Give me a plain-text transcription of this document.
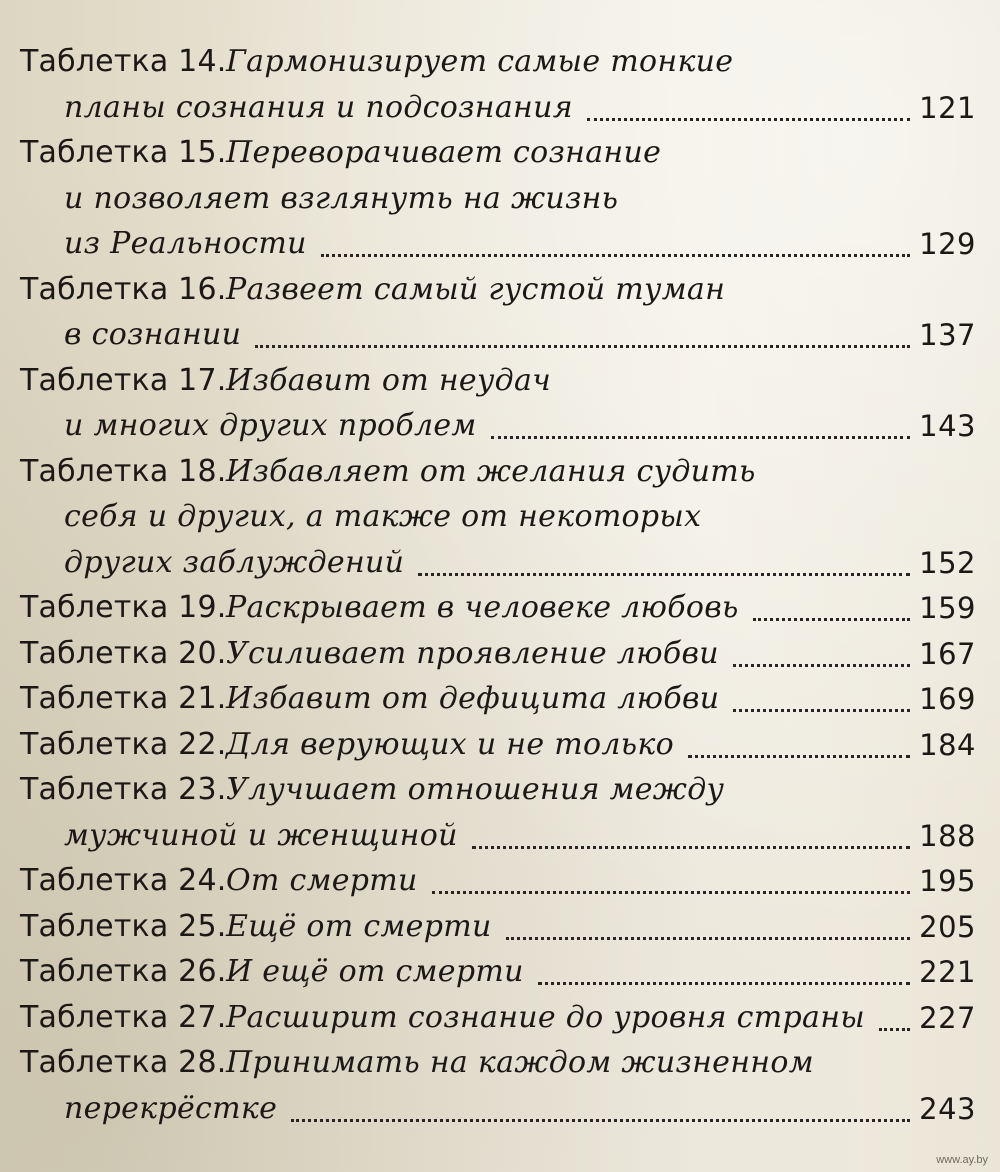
Таблетка 14. Гармонизирует самые тонкие
планы сознания и подсознания	121
Таблетка 15. Переворачивает сознание
и позволяет взглянуть на жизнь
из Реальности	129
Таблетка 16. Развеет самый густой туман
в сознании	137
Таблетка 17. Избавит от неудач
и многих других проблем	143
Таблетка 18. Избавляет от желания судить
себя и других, а также от некоторых
других заблуждений	152
Таблетка 19. Раскрывает в человеке любовь	159
Таблетка 20. Усиливает проявление любви	167
Таблетка 21. Избавит от дефицита любви	169
Таблетка 22. Для верующих и не только	184
Таблетка 23. Улучшает отношения между
мужчиной и женщиной	188
Таблетка 24. От смерти	195
Таблетка 25. Ещё от смерти	205
Таблетка 26. И ещё от смерти	221
Таблетка 27. Расширит сознание до уровня страны 227
Таблетка 28. Принимать на каждом жизненном
перекрёстке	243
www.ay.by
